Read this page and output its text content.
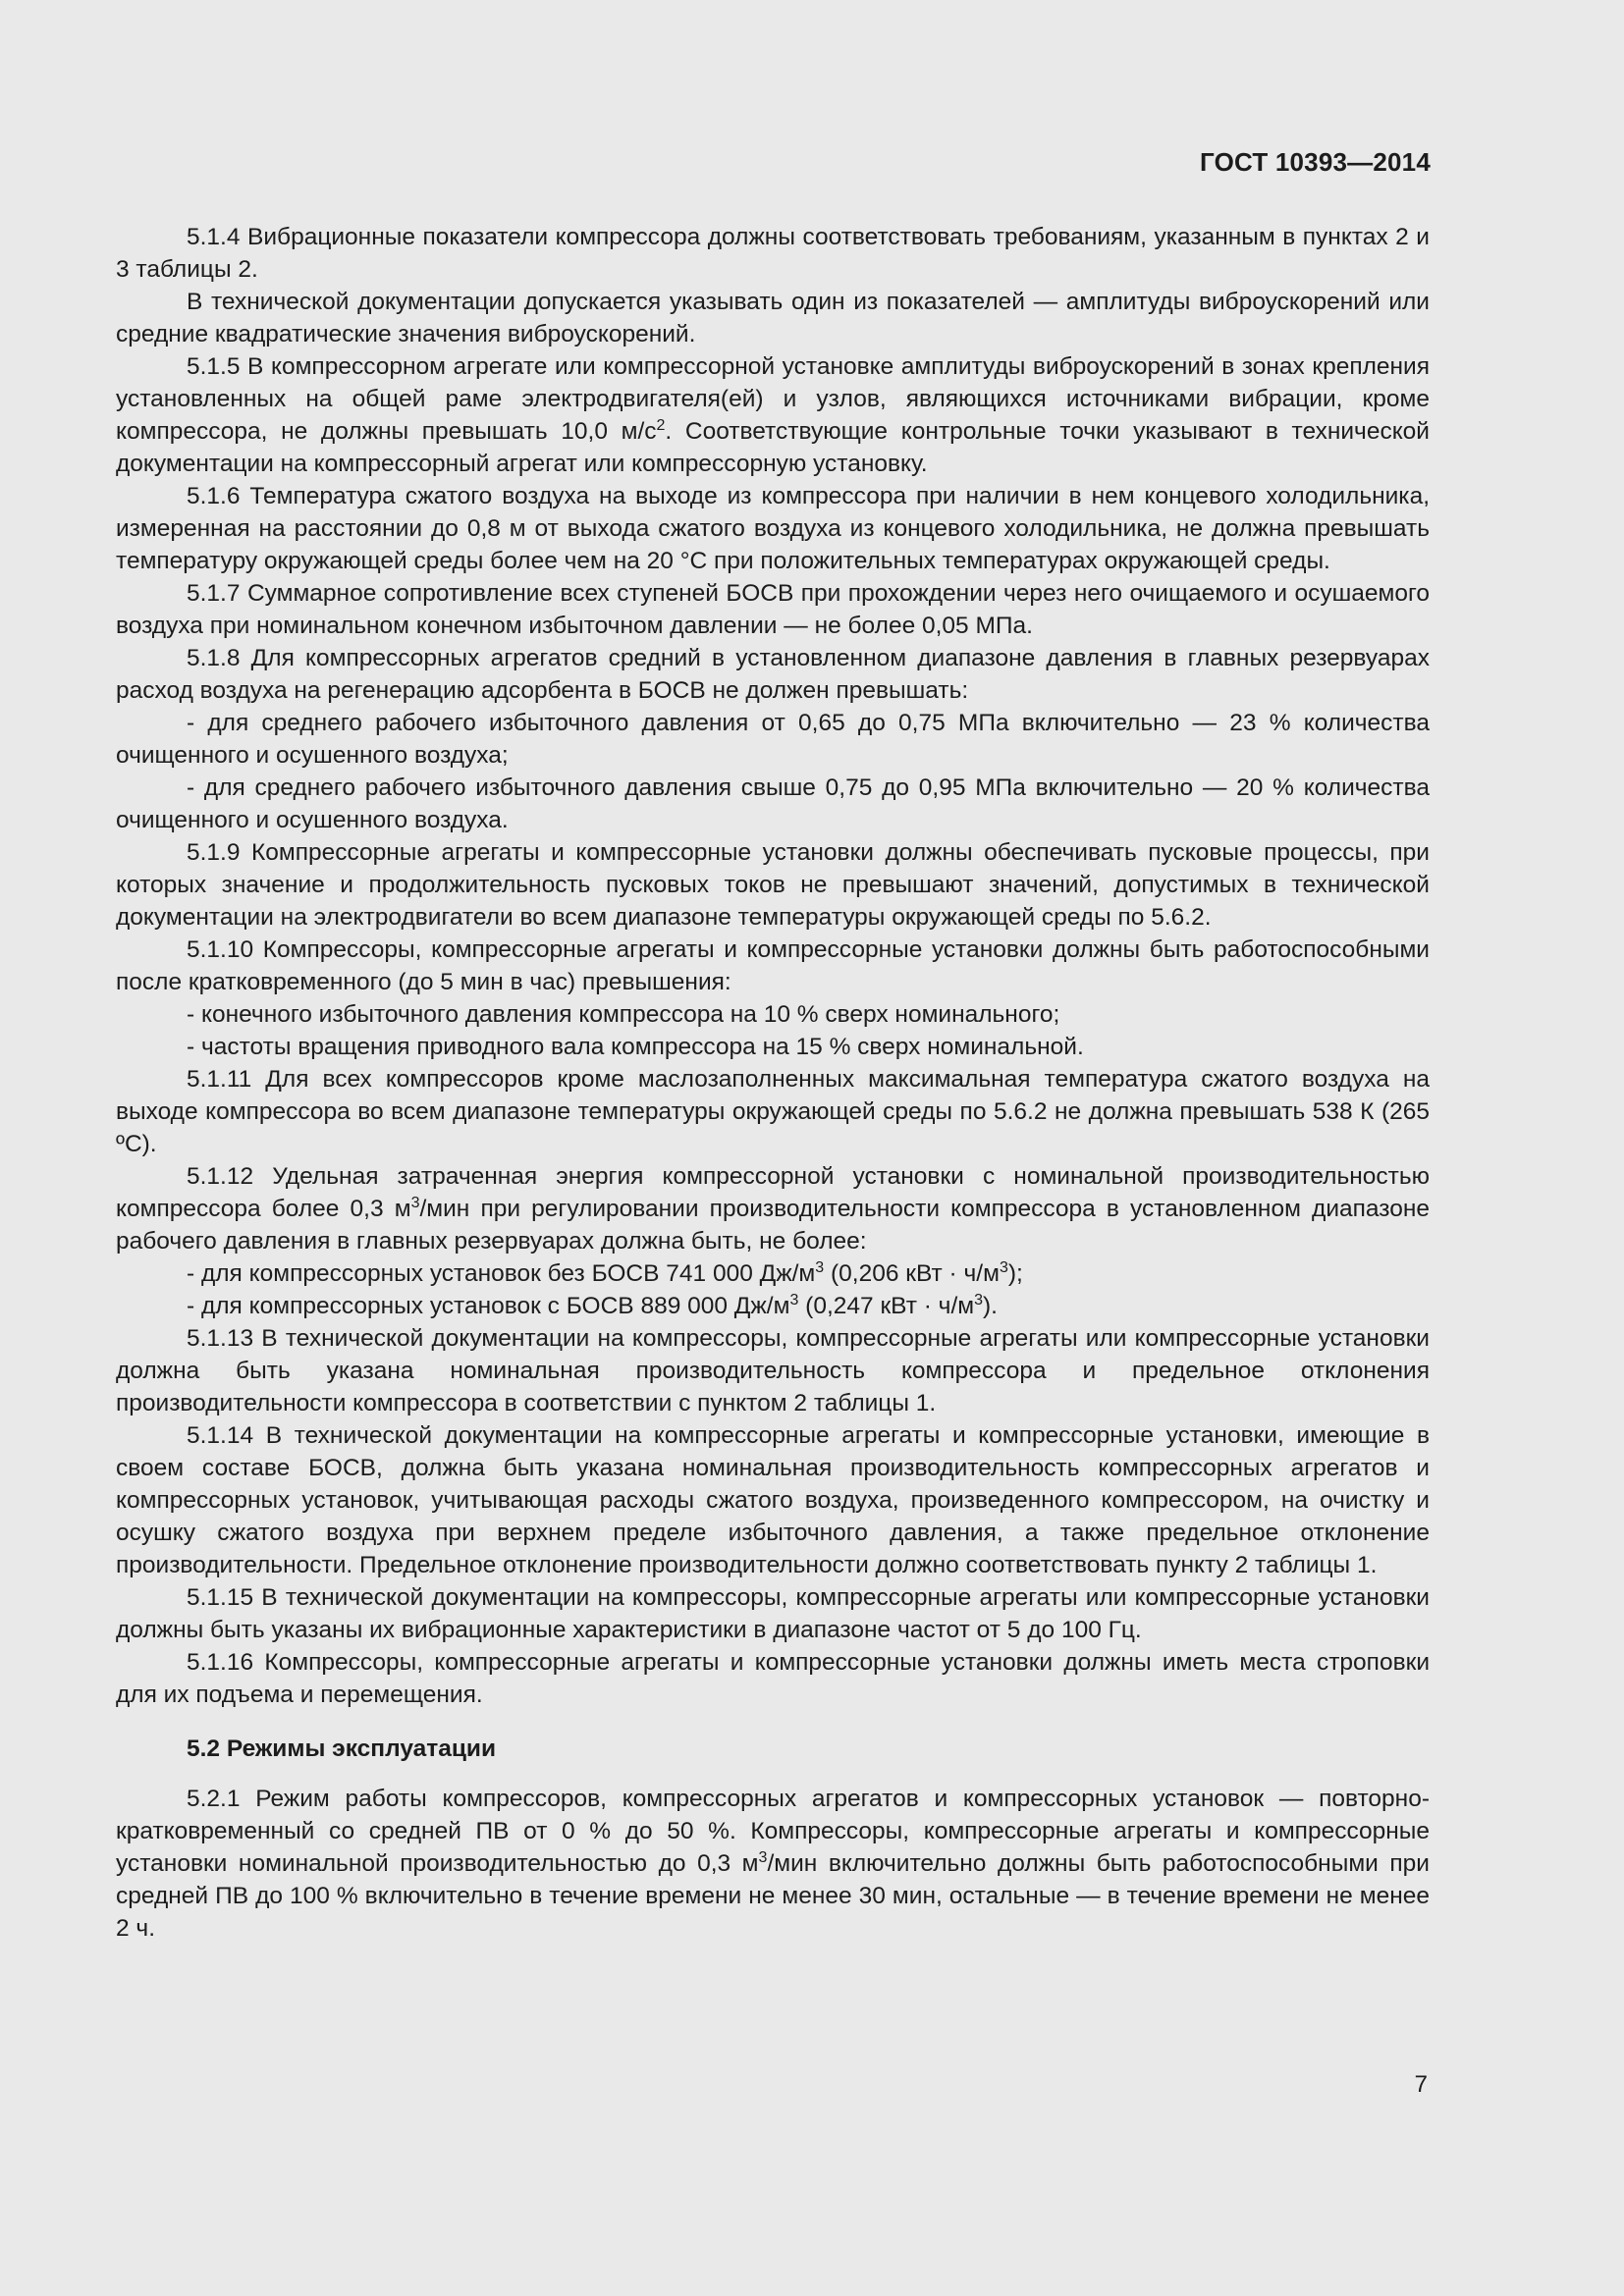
ГОСТ 10393—2014

5.1.4 Вибрационные показатели компрессора должны соответствовать требованиям, указанным в пунктах 2 и 3 таблицы 2.

В технической документации допускается указывать один из показателей — амплитуды виброускорений или средние квадратические значения виброускорений.

5.1.5 В компрессорном агрегате или компрессорной установке амплитуды виброускорений в зонах крепления установленных на общей раме электродвигателя(ей) и узлов, являющихся источниками вибрации, кроме компрессора, не должны превышать 10,0 $м/с^2$. Соответствующие контрольные точки указывают в технической документации на компрессорный агрегат или компрессорную установку.

5.1.6 Температура сжатого воздуха на выходе из компрессора при наличии в нем концевого холодильника, измеренная на расстоянии до 0,8 м от выхода сжатого воздуха из концевого холодильника, не должна превышать температуру окружающей среды более чем на 20 °С при положительных температурах окружающей среды.

5.1.7 Суммарное сопротивление всех ступеней БОСВ при прохождении через него очищаемого и осушаемого воздуха при номинальном конечном избыточном давлении — не более 0,05 МПа.

5.1.8 Для компрессорных агрегатов средний в установленном диапазоне давления в главных резервуарах расход воздуха на регенерацию адсорбента в БОСВ не должен превышать:

- для среднего рабочего избыточного давления от 0,65 до 0,75 МПа включительно — 23 % количества очищенного и осушенного воздуха;

- для среднего рабочего избыточного давления свыше 0,75 до 0,95 МПа включительно — 20 % количества очищенного и осушенного воздуха.

5.1.9 Компрессорные агрегаты и компрессорные установки должны обеспечивать пусковые процессы, при которых значение и продолжительность пусковых токов не превышают значений, допустимых в технической документации на электродвигатели во всем диапазоне температуры окружающей среды по 5.6.2.

5.1.10 Компрессоры, компрессорные агрегаты и компрессорные установки должны быть работоспособными после кратковременного (до 5 мин в час) превышения:

- конечного избыточного давления компрессора на 10 % сверх номинального;

- частоты вращения приводного вала компрессора на 15 % сверх номинальной.

5.1.11 Для всех компрессоров кроме маслозаполненных максимальная температура сжатого воздуха на выходе компрессора во всем диапазоне температуры окружающей среды по 5.6.2 не должна превышать 538 К (265 ºС).

5.1.12 Удельная затраченная энергия компрессорной установки с номинальной производительностью компрессора более 0,3 $м^3$/мин при регулировании производительности компрессора в установленном диапазоне рабочего давления в главных резервуарах должна быть, не более:

- для компрессорных установок без БОСВ 741 000 $Дж/м^3$ (0,206 кВт · $ч/м^3$);

- для компрессорных установок с БОСВ 889 000 $Дж/м^3$ (0,247 кВт · $ч/м^3$).

5.1.13 В технической документации на компрессоры, компрессорные агрегаты или компрессорные установки должна быть указана номинальная производительность компрессора и предельное отклонения производительности компрессора в соответствии с пунктом 2 таблицы 1.

5.1.14 В технической документации на компрессорные агрегаты и компрессорные установки, имеющие в своем составе БОСВ, должна быть указана номинальная производительность компрессорных агрегатов и компрессорных установок, учитывающая расходы сжатого воздуха, произведенного компрессором, на очистку и осушку сжатого воздуха при верхнем пределе избыточного давления, а также предельное отклонение производительности. Предельное отклонение производительности должно соответствовать пункту 2 таблицы 1.

5.1.15 В технической документации на компрессоры, компрессорные агрегаты или компрессорные установки должны быть указаны их вибрационные характеристики в диапазоне частот от 5 до 100 Гц.

5.1.16 Компрессоры, компрессорные агрегаты и компрессорные установки должны иметь места строповки для их подъема и перемещения.

5.2 Режимы эксплуатации

5.2.1 Режим работы компрессоров, компрессорных агрегатов и компрессорных установок — повторно-кратковременный со средней ПВ от 0 % до 50 %. Компрессоры, компрессорные агрегаты и компрессорные установки номинальной производительностью до 0,3 $м^3$/мин включительно должны быть работоспособными при средней ПВ до 100 % включительно в течение времени не менее 30 мин, остальные — в течение времени не менее 2 ч.

7
